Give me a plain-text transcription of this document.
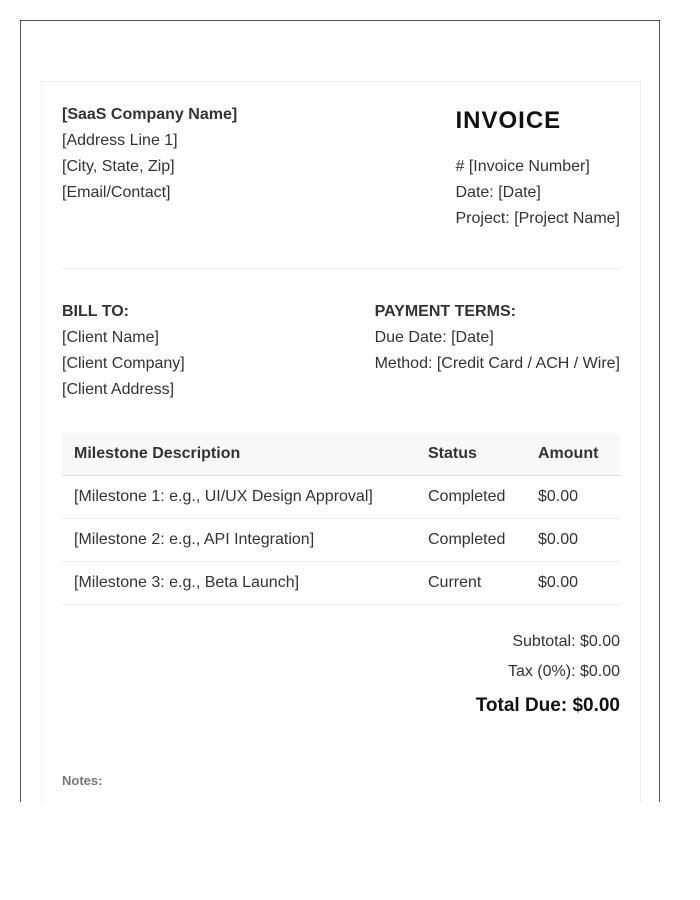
[SaaS Company Name]
[Address Line 1]
[City, State, Zip]
[Email/Contact]
INVOICE
# [Invoice Number]
Date: [Date]
Project: [Project Name]
BILL TO:
[Client Name]
[Client Company]
[Client Address]
PAYMENT TERMS:
Due Date: [Date]
Method: [Credit Card / ACH / Wire]
Milestone Description	Status	Amount
[Milestone 1: e.g., UI/UX Design Approval]	Completed	$0.00
[Milestone 2: e.g., API Integration]	Completed	$0.00
[Milestone 3: e.g., Beta Launch]	Current	$0.00
Subtotal: $0.00
Tax (0%): $0.00
Total Due: $0.00
Notes:
